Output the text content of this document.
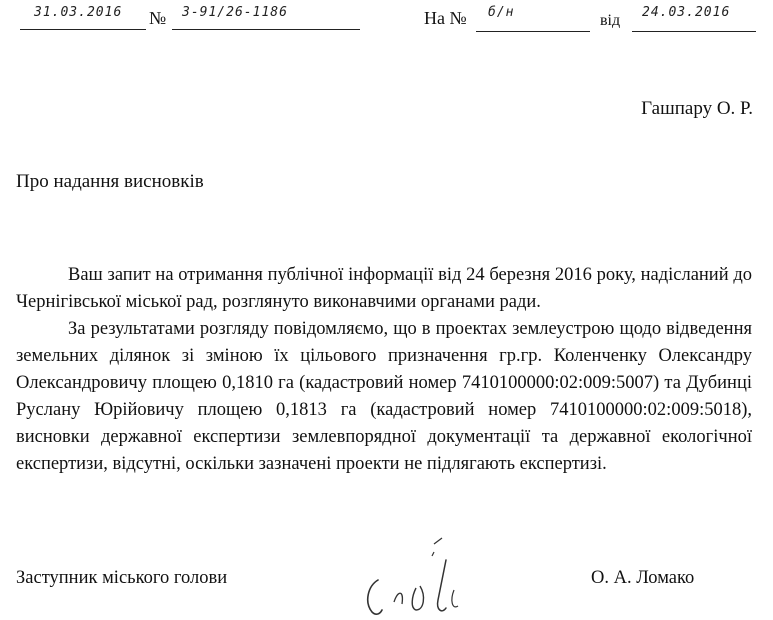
31.03.2016 № 3-91/26-1186	На № б/н	від 24.03.2016
Гашпару О. Р.
Про надання висновків

Ваш запит на отримання публічної інформації від 24 березня 2016 року, надісланий до Чернігівської міської рад, розглянуто виконавчими органами ради.

За результатами розгляду повідомляємо, що в проектах землеустрою щодо відведення земельних ділянок зі зміною їх цільового призначення гр.гр. Коленченку Олександру Олександровичу площею 0,1810 га (кадастровий номер 7410100000:02:009:5007) та Дубинці Руслану Юрійовичу площею 0,1813 га (кадастровий номер 7410100000:02:009:5018), висновки державної експертизи землевпорядної документації та державної екологічної експертизи, відсутні, оскільки зазначені проекти не підлягають експертизі.

Заступник міського голови	О. А. Ломако
